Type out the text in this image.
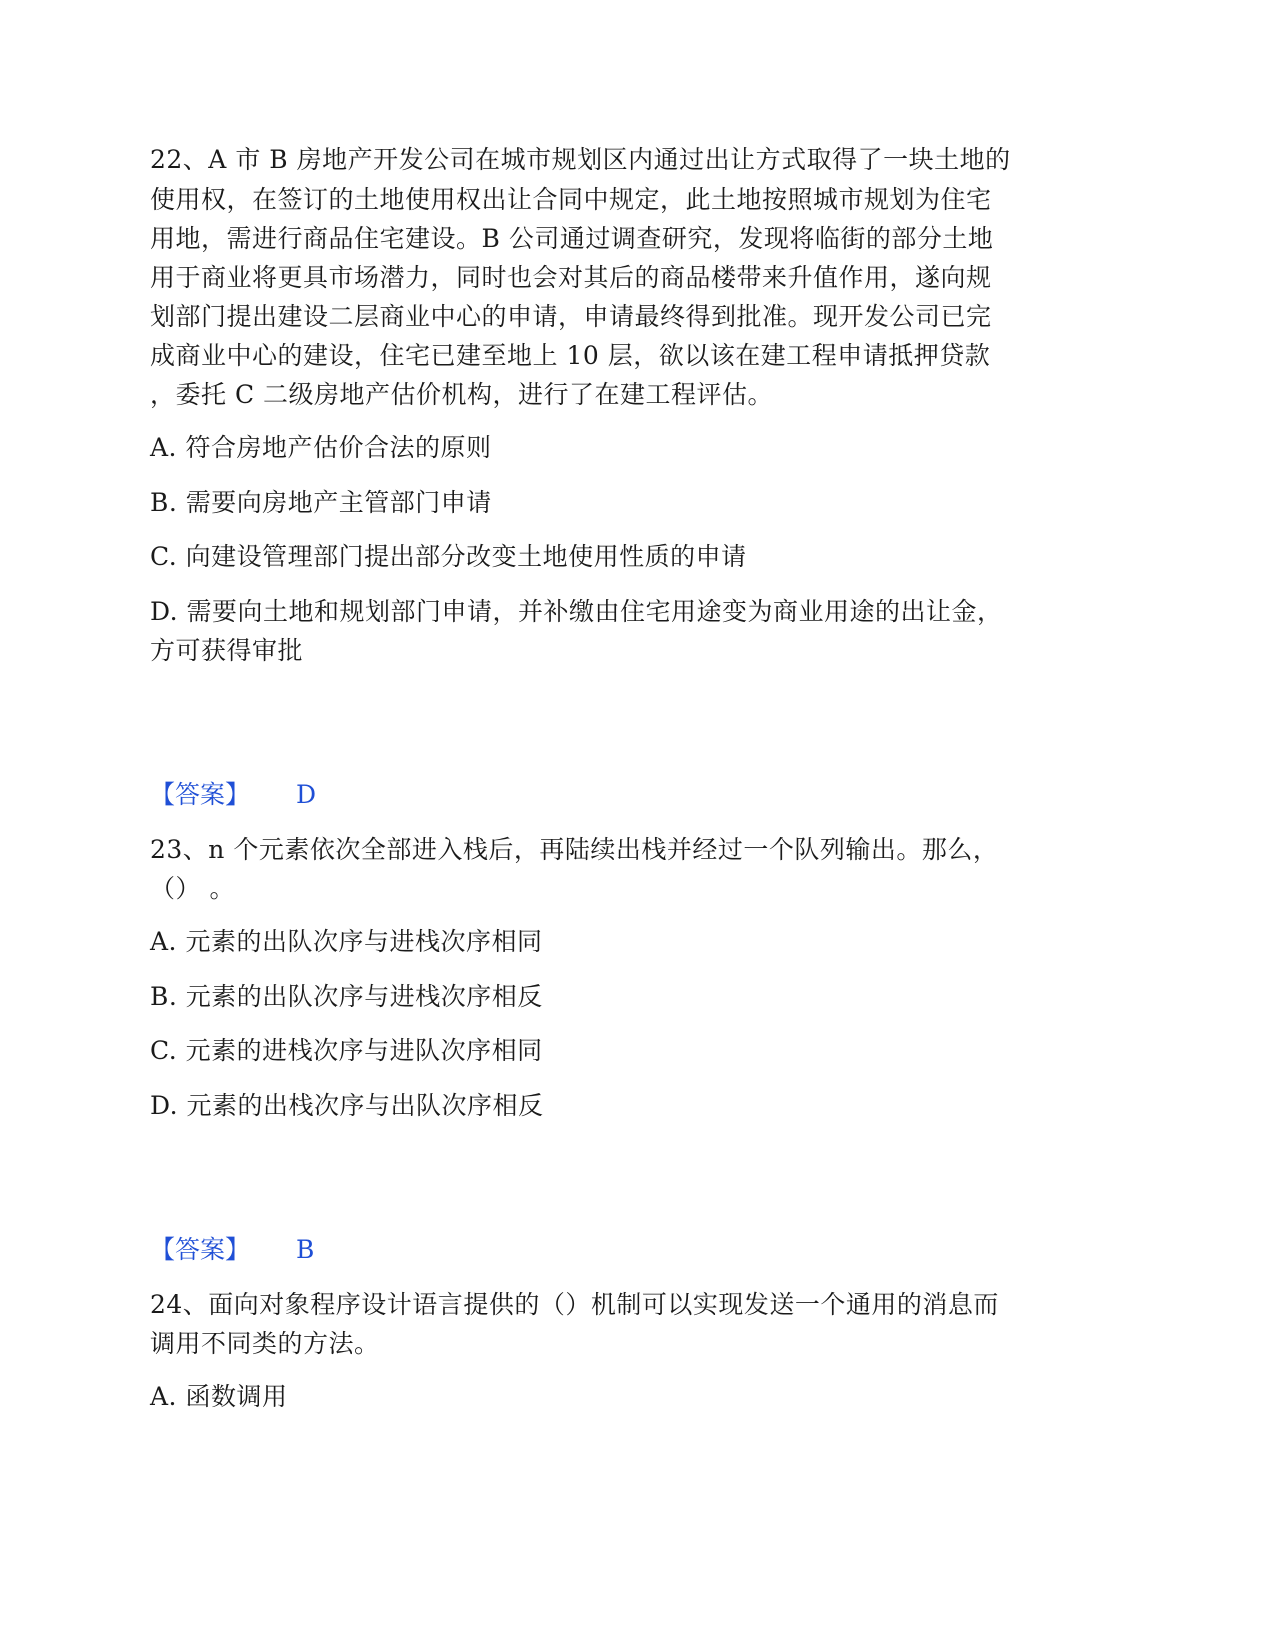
22、A 市 B 房地产开发公司在城市规划区内通过出让方式取得了一块土地的
使用权，在签订的土地使用权出让合同中规定，此土地按照城市规划为住宅
用地，需进行商品住宅建设。B 公司通过调查研究，发现将临街的部分土地
用于商业将更具市场潜力，同时也会对其后的商品楼带来升值作用，遂向规
划部门提出建设二层商业中心的申请，申请最终得到批准。现开发公司已完
成商业中心的建设，住宅已建至地上 10 层，欲以该在建工程申请抵押贷款
，委托 C 二级房地产估价机构，进行了在建工程评估。
A. 符合房地产估价合法的原则
B. 需要向房地产主管部门申请
C. 向建设管理部门提出部分改变土地使用性质的申请
D. 需要向土地和规划部门申请，并补缴由住宅用途变为商业用途的出让金，
方可获得审批
【答案】 D
23、n 个元素依次全部进入栈后，再陆续出栈并经过一个队列输出。那么，
（） 。
A. 元素的出队次序与进栈次序相同
B. 元素的出队次序与进栈次序相反
C. 元素的进栈次序与进队次序相同
D. 元素的出栈次序与出队次序相反
【答案】 B
24、面向对象程序设计语言提供的（）机制可以实现发送一个通用的消息而
调用不同类的方法。
A. 函数调用
